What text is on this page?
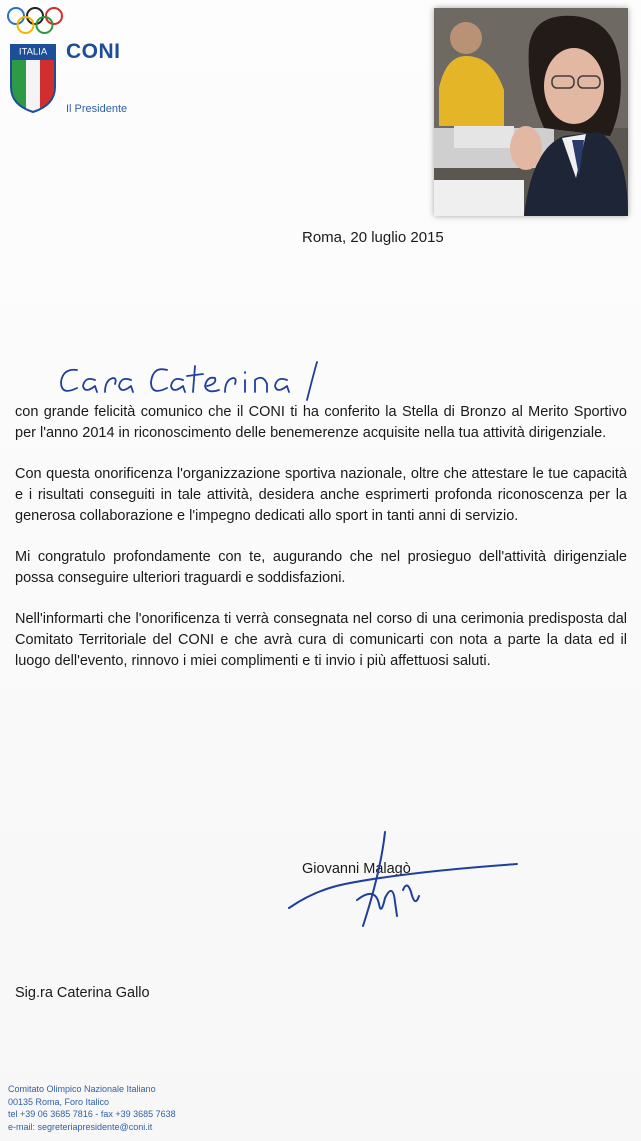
ITALIA CONI
Il Presidente
Roma, 20 luglio 2015

con grande felicità comunico che il CONI ti ha conferito la Stella di Bronzo al Merito Sportivo per l'anno 2014 in riconoscimento delle benemerenze acquisite nella tua attività dirigenziale.

Con questa onorificenza l'organizzazione sportiva nazionale, oltre che attestare le tue capacità e i risultati conseguiti in tale attività, desidera anche esprimerti profonda riconoscenza per la generosa collaborazione e l'impegno dedicati allo sport in tanti anni di servizio.

Mi congratulo profondamente con te, augurando che nel prosieguo dell'attività dirigenziale possa conseguire ulteriori traguardi e soddisfazioni.

Nell'informarti che l'onorificenza ti verrà consegnata nel corso di una cerimonia predisposta dal Comitato Territoriale del CONI e che avrà cura di comunicarti con nota a parte la data ed il luogo dell'evento, rinnovo i miei complimenti e ti invio i più affettuosi saluti.

Giovanni Malagò
Sig.ra Caterina Gallo
Comitato Olimpico Nazionale Italiano
00135 Roma, Foro Italico
tel +39 06 3685 7816 - fax +39 3685 7638
e-mail: segreteriapresidente@coni.it
